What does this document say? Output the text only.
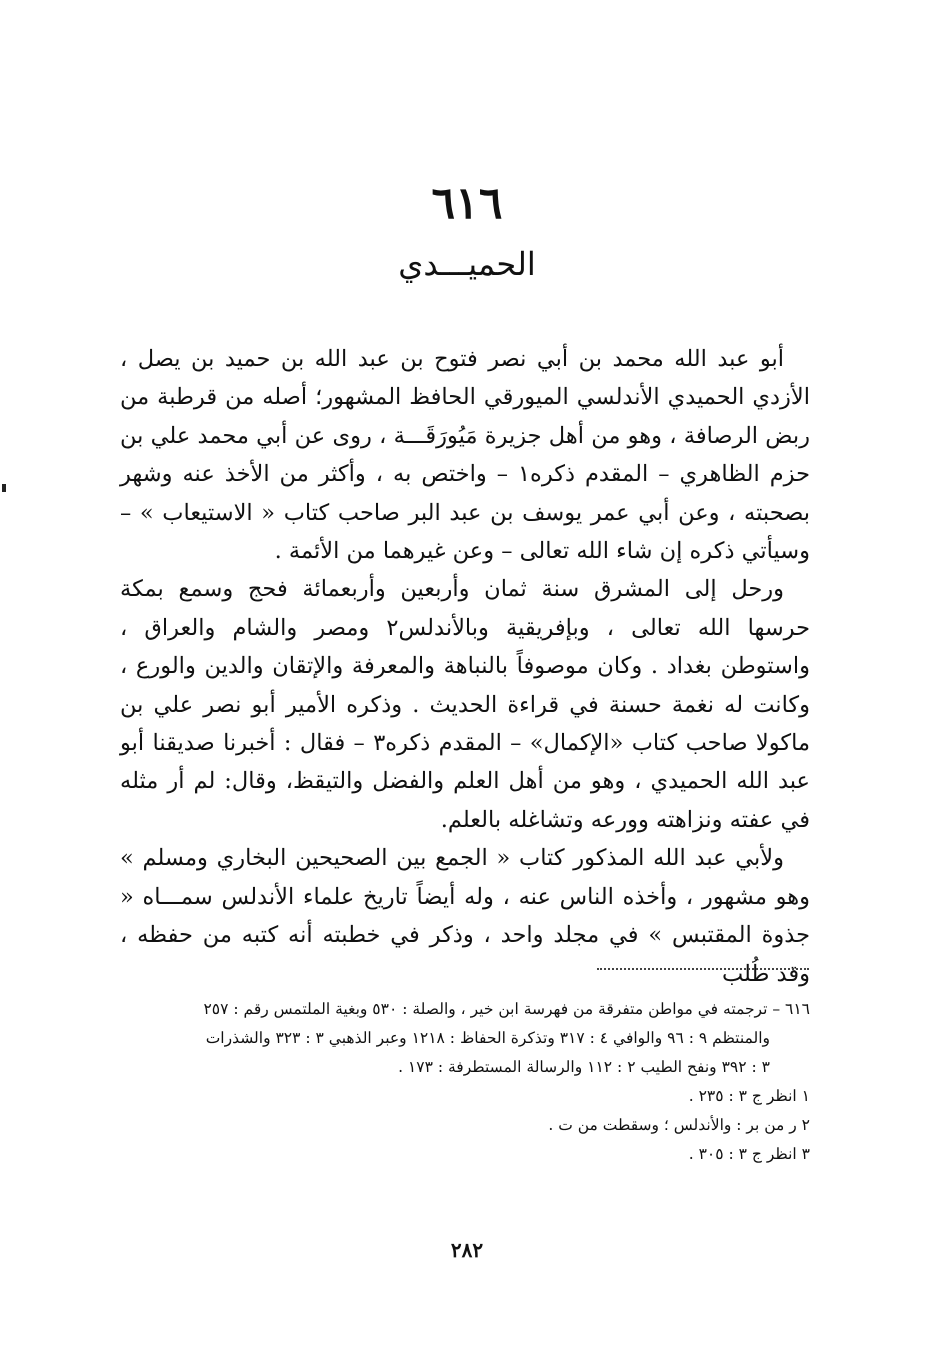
٦١٦
الحميـــدي

أبو عبد الله محمد بن أبي نصر فتوح بن عبد الله بن حميد بن يصل ، الأزدي الحميدي الأندلسي الميورقي الحافظ المشهور؛ أصله من قرطبة من ربض الرصافة ، وهو من أهل جزيرة مَيُورَقَـــة ، روى عن أبي محمد علي بن حزم الظاهري – المقدم ذكره١ – واختص به ، وأكثر من الأخذ عنه وشهر بصحبته ، وعن أبي عمر يوسف بن عبد البر صاحب كتاب « الاستيعاب » – وسيأتي ذكره إن شاء الله تعالى – وعن غيرهما من الأئمة .

ورحل إلى المشرق سنة ثمان وأربعين وأربعمائة فحج وسمع بمكة حرسها الله تعالى ، وبإفريقية وبالأندلس٢ ومصر والشام والعراق ، واستوطن بغداد . وكان موصوفاً بالنباهة والمعرفة والإتقان والدين والورع ، وكانت له نغمة حسنة في قراءة الحديث . وذكره الأمير أبو نصر علي بن ماكولا صاحب كتاب «الإكمال» – المقدم ذكره٣ – فقال : أخبرنا صديقنا أبو عبد الله الحميدي ، وهو من أهل العلم والفضل والتيقظ، وقال: لم أر مثله في عفته ونزاهته وورعه وتشاغله بالعلم.

ولأبي عبد الله المذكور كتاب « الجمع بين الصحيحين البخاري ومسلم » وهو مشهور ، وأخذه الناس عنه ، وله أيضاً تاريخ علماء الأندلس سمـــاه « جذوة المقتبس » في مجلد واحد ، وذكر في خطبته أنه كتبه من حفظه ، وقد طُلب

٦١٦ – ترجمته في مواطن متفرقة من فهرسة ابن خير ، والصلة : ٥٣٠ وبغية الملتمس رقم : ٢٥٧
والمنتظم ٩ : ٩٦ والوافي ٤ : ٣١٧ وتذكرة الحفاظ : ١٢١٨ وعبر الذهبي ٣ : ٣٢٣ والشذرات
٣ : ٣٩٢ ونفح الطيب ٢ : ١١٢ والرسالة المستطرفة : ١٧٣ .

١ انظر ج ٣ : ٢٣٥ .

٢ ر من بر : والأندلس ؛ وسقطت من ت .

٣ انظر ج ٣ : ٣٠٥ .

٢٨٢
